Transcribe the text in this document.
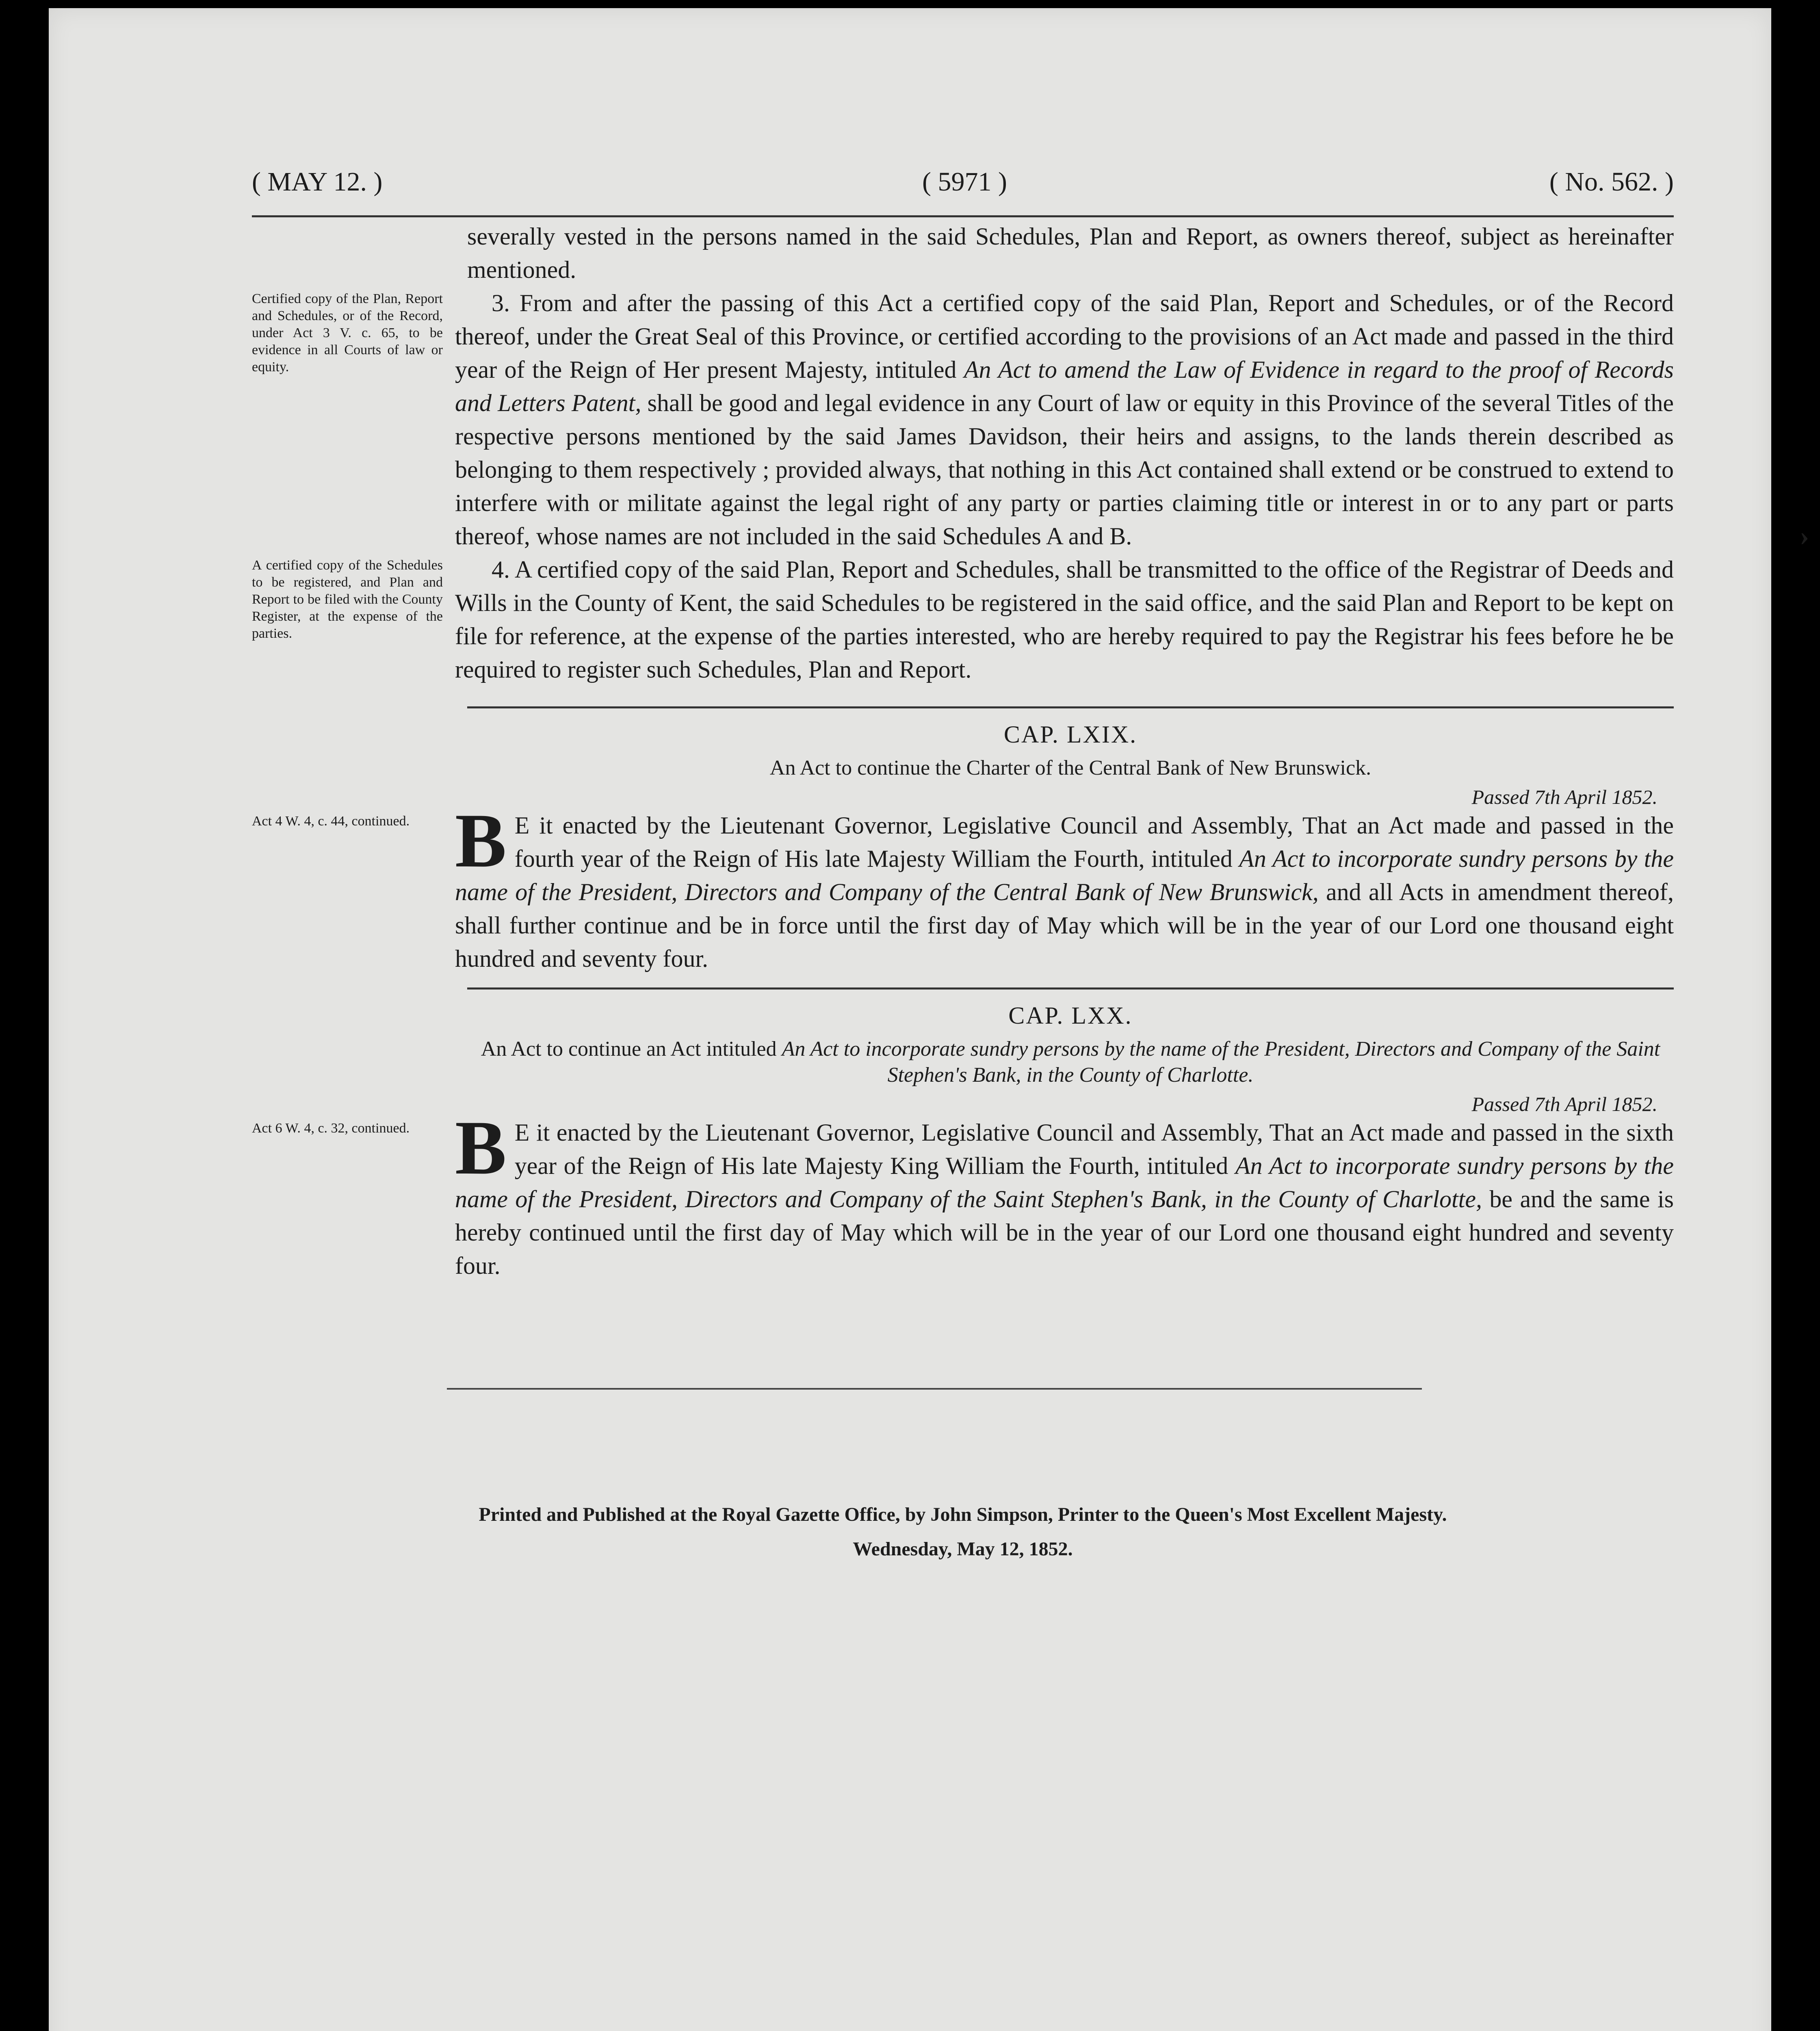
›
( MAY 12. )	( 5971 )	( No. 562. )

severally vested in the persons named in the said Schedules, Plan and Report, as owners thereof, subject as hereinafter mentioned.

Certified copy of the Plan, Report and Schedules, or of the Record, under Act 3 V. c. 65, to be evidence in all Courts of law or equity.

3. From and after the passing of this Act a certified copy of the said Plan, Report and Schedules, or of the Record thereof, under the Great Seal of this Province, or certified according to the provisions of an Act made and passed in the third year of the Reign of Her present Majesty, intituled An Act to amend the Law of Evidence in regard to the proof of Records and Letters Patent, shall be good and legal evidence in any Court of law or equity in this Province of the several Titles of the respective persons mentioned by the said James Davidson, their heirs and assigns, to the lands therein described as belonging to them respectively ; provided always, that nothing in this Act contained shall extend or be construed to extend to interfere with or militate against the legal right of any party or parties claiming title or interest in or to any part or parts thereof, whose names are not included in the said Schedules A and B.

A certified copy of the Schedules to be registered, and Plan and Report to be filed with the County Register, at the expense of the parties.

4. A certified copy of the said Plan, Report and Schedules, shall be transmitted to the office of the Registrar of Deeds and Wills in the County of Kent, the said Schedules to be registered in the said office, and the said Plan and Report to be kept on file for reference, at the expense of the parties interested, who are hereby required to pay the Registrar his fees before he be required to register such Schedules, Plan and Report.

CAP. LXIX.
An Act to continue the Charter of the Central Bank of New Brunswick.
Passed 7th April 1852.
Act 4 W. 4, c. 44, continued. B E it enacted by the Lieutenant Governor, Legislative Council and Assembly, That an Act made and passed in the fourth year of the Reign of His late Majesty William the Fourth, intituled An Act to incorporate sundry persons by the name of the President, Directors and Company of the Central Bank of New Brunswick, and all Acts in amendment thereof, shall further continue and be in force until the first day of May which will be in the year of our Lord one thousand eight hundred and seventy four.

CAP. LXX.
An Act to continue an Act intituled An Act to incorporate sundry persons by the name of the President, Directors and Company of the Saint Stephen's Bank, in the County of Charlotte.
Passed 7th April 1852.
Act 6 W. 4, c. 32, continued. B E it enacted by the Lieutenant Governor, Legislative Council and Assembly, That an Act made and passed in the sixth year of the Reign of His late Majesty King William the Fourth, intituled An Act to incorporate sundry persons by the name of the President, Directors and Company of the Saint Stephen's Bank, in the County of Charlotte, be and the same is hereby continued until the first day of May which will be in the year of our Lord one thousand eight hundred and seventy four.

Printed and Published at the Royal Gazette Office, by John Simpson, Printer to the Queen's Most Excellent Majesty.
Wednesday, May 12, 1852.
